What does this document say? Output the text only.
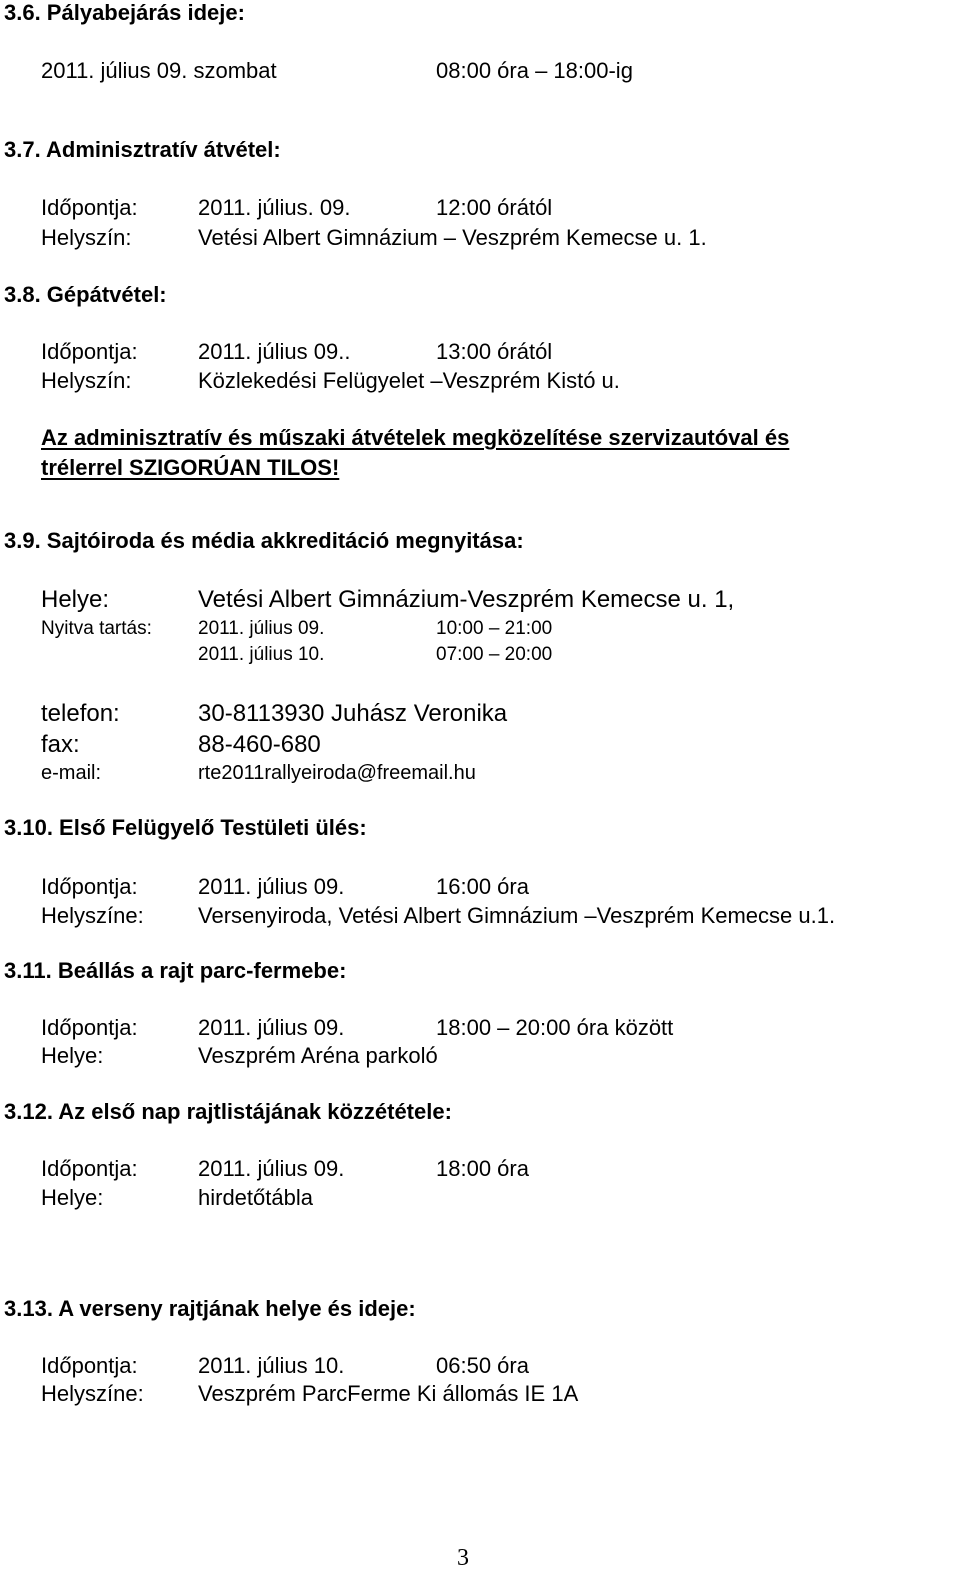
3.6. Pályabejárás ideje:
2011. július 09. szombat	08:00 óra – 18:00-ig
3.7. Adminisztratív átvétel:
Időpontja:	2011. július. 09.	12:00 órától
Helyszín:	Vetési Albert Gimnázium – Veszprém Kemecse u. 1.
3.8. Gépátvétel:
Időpontja:	2011. július 09..	13:00 órától
Helyszín:	Közlekedési Felügyelet –Veszprém Kistó u.
Az adminisztratív és műszaki átvételek megközelítése szervizautóval és
trélerrel SZIGORÚAN TILOS!
3.9. Sajtóiroda és média akkreditáció megnyitása:
Helye:	Vetési Albert Gimnázium-Veszprém Kemecse u. 1,
Nyitva tartás: 2011. július 09.	10:00 – 21:00
2011. július 10.	07:00 – 20:00
telefon:	30-8113930 Juhász Veronika
fax:	88-460-680
e-mail:	rte2011rallyeiroda@freemail.hu
3.10. Első Felügyelő Testületi ülés:
Időpontja:	2011. július 09.	16:00 óra
Helyszíne: Versenyiroda, Vetési Albert Gimnázium –Veszprém Kemecse u.1.
3.11. Beállás a rajt parc-fermebe:
Időpontja:	2011. július 09.	18:00 – 20:00 óra között
Helye:	Veszprém Aréna parkoló
3.12. Az első nap rajtlistájának közzététele:
Időpontja:	2011. július 09.	18:00 óra
Helye:	hirdetőtábla
3.13. A verseny rajtjának helye és ideje:
Időpontja:	2011. július 10.	06:50 óra
Helyszíne: Veszprém ParcFerme Ki állomás IE 1A
3
